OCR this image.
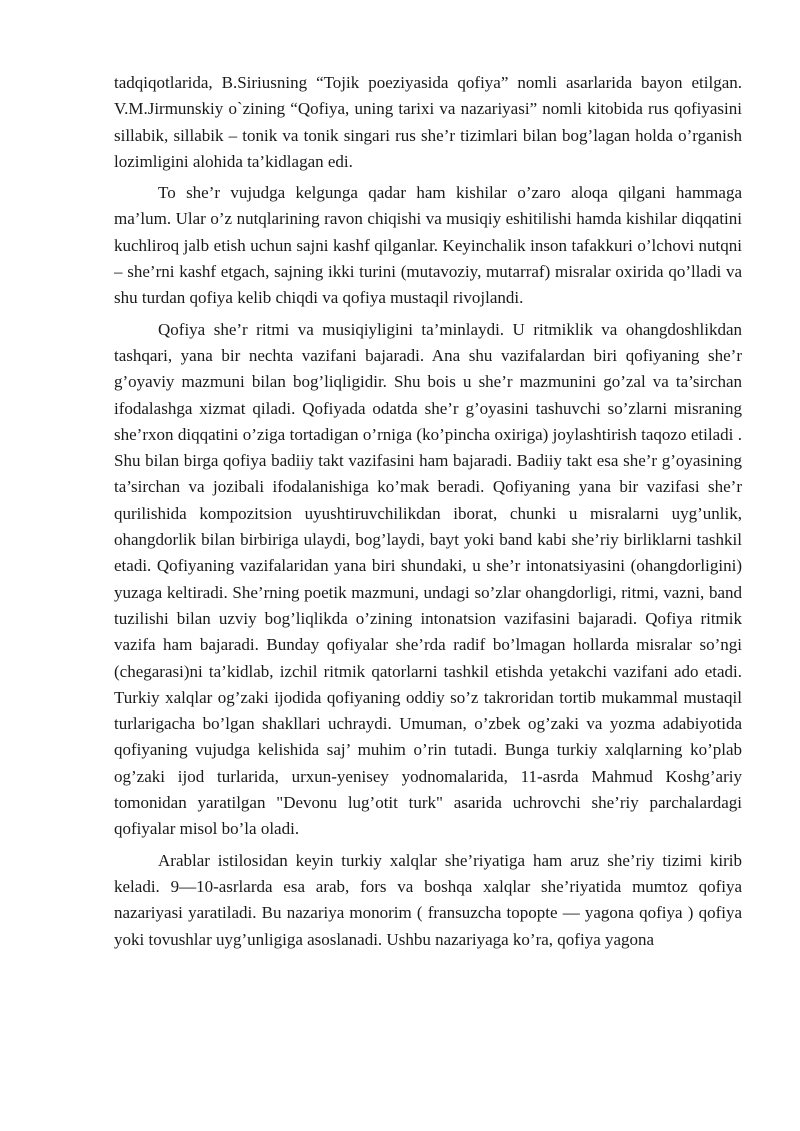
tadqiqotlarida, B.Siriusning “Tojik poeziyasida qofiya” nomli asarlarida bayon etilgan. V.M.Jirmunskiy o`zining “Qofiya, uning tarixi va nazariyasi” nomli kitobida rus qofiyasini sillabik, sillabik – tonik va tonik singari rus she’r tizimlari bilan bog’lagan holda o’rganish lozimligini alohida ta’kidlagan edi.

To she’r vujudga kelgunga qadar ham kishilar o’zaro aloqa qilgani hammaga ma’lum. Ular o’z nutqlarining ravon chiqishi va musiqiy eshitilishi hamda kishilar diqqatini kuchliroq jalb etish uchun sajni kashf qilganlar. Keyinchalik inson tafakkuri o’lchovi nutqni – she’rni kashf etgach, sajning ikki turini (mutavoziy, mutarraf) misralar oxirida qo’lladi va shu turdan qofiya kelib chiqdi va qofiya mustaqil rivojlandi.

Qofiya she’r ritmi va musiqiyligini ta’minlaydi. U ritmiklik va ohangdoshlikdan tashqari, yana bir nechta vazifani bajaradi. Ana shu vazifalardan biri qofiyaning she’r g’oyaviy mazmuni bilan bog’liqligidir. Shu bois u she’r mazmunini go’zal va ta’sirchan ifodalashga xizmat qiladi. Qofiyada odatda she’r g’oyasini tashuvchi so’zlarni misraning she’rxon diqqatini o’ziga tortadigan o’rniga (ko’pincha oxiriga) joylashtirish taqozo etiladi . Shu bilan birga qofiya badiiy takt vazifasini ham bajaradi. Badiiy takt esa she’r g’oyasining ta’sirchan va jozibali ifodalanishiga ko’mak beradi. Qofiyaning yana bir vazifasi she’r qurilishida kompozitsion uyushtiruvchilikdan iborat, chunki u misralarni uyg’unlik, ohangdorlik bilan birbiriga ulaydi, bog’laydi, bayt yoki band kabi she’riy birliklarni tashkil etadi. Qofiyaning vazifalaridan yana biri shundaki, u she’r intonatsiyasini (ohangdorligini) yuzaga keltiradi. She’rning poetik mazmuni, undagi so’zlar ohangdorligi, ritmi, vazni, band tuzilishi bilan uzviy bog’liqlikda o’zining intonatsion vazifasini bajaradi. Qofiya ritmik vazifa ham bajaradi. Bunday qofiyalar she’rda radif bo’lmagan hollarda misralar so’ngi (chegarasi)ni ta’kidlab, izchil ritmik qatorlarni tashkil etishda yetakchi vazifani ado etadi. Turkiy xalqlar og’zaki ijodida qofiyaning oddiy so’z takroridan tortib mukammal mustaqil turlarigacha bo’lgan shakllari uchraydi. Umuman, o’zbek og’zaki va yozma adabiyotida qofiyaning vujudga kelishida saj’ muhim o’rin tutadi. Bunga turkiy xalqlarning ko’plab og’zaki ijod turlarida, urxun-yenisey yodnomalarida, 11-asrda Mahmud Koshg’ariy tomonidan yaratilgan "Devonu lug’otit turk" asarida uchrovchi she’riy parchalardagi qofiyalar misol bo’la oladi.

Arablar istilosidan keyin turkiy xalqlar she’riyatiga ham aruz she’riy tizimi kirib keladi. 9—10-asrlarda esa arab, fors va boshqa xalqlar she’riyatida mumtoz qofiya nazariyasi yaratiladi. Bu nazariya monorim ( fransuzcha topopte — yagona qofiya ) qofiya yoki tovushlar uyg’unligiga asoslanadi. Ushbu nazariyaga ko’ra, qofiya yagona
